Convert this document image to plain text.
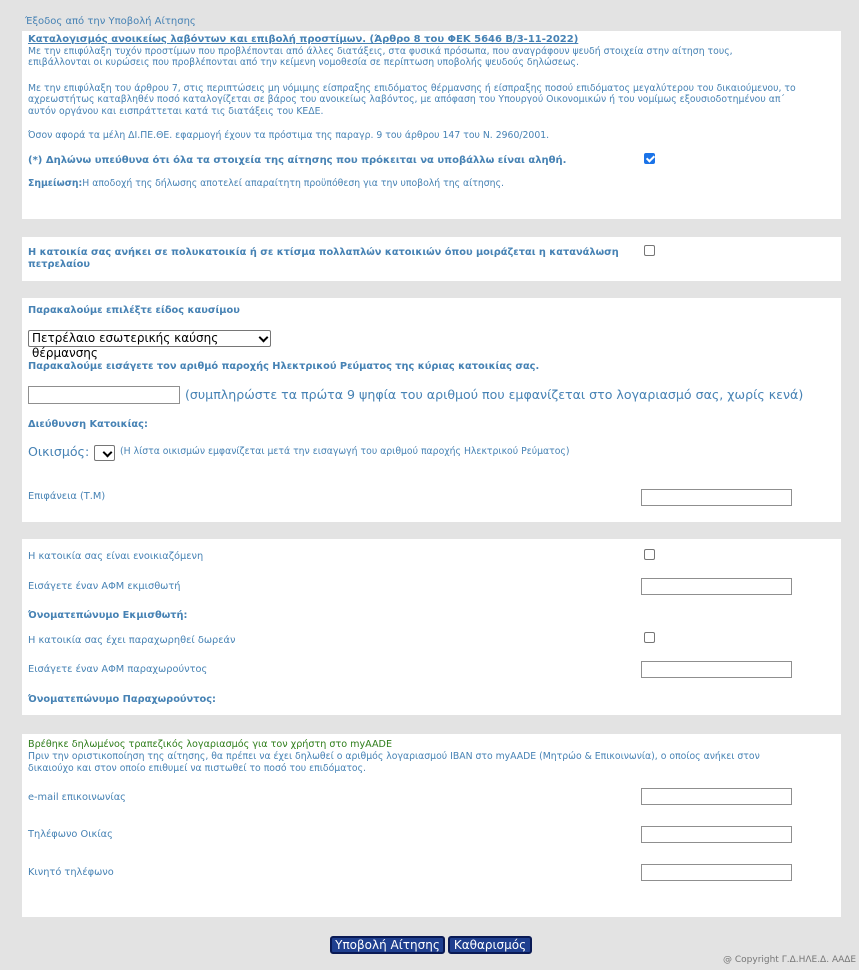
Έξοδος από την Υποβολή Αίτησης
Καταλογισμός ανοικείως λαβόντων και επιβολή προστίμων. (Άρθρο 8 του ΦΕΚ 5646 Β/3-11-2022)
Με την επιφύλαξη τυχόν προστίμων που προβλέπονται από άλλες διατάξεις, στα φυσικά πρόσωπα, που αναγράφουν ψευδή στοιχεία στην αίτηση τους,
επιβάλλονται οι κυρώσεις που προβλέπονται από την κείμενη νομοθεσία σε περίπτωση υποβολής ψευδούς δηλώσεως.
Με την επιφύλαξη του άρθρου 7, στις περιπτώσεις μη νόμιμης είσπραξης επιδόματος θέρμανσης ή είσπραξης ποσού επιδόματος μεγαλύτερου του δικαιούμενου, το
αχρεωστήτως καταβληθέν ποσό καταλογίζεται σε βάρος του ανοικείως λαβόντος, με απόφαση του Υπουργού Οικονομικών ή του νομίμως εξουσιοδοτημένου απ΄
αυτόν οργάνου και εισπράττεται κατά τις διατάξεις του ΚΕΔΕ.
Όσον αφορά τα μέλη ΔΙ.ΠΕ.ΘΕ. εφαρμογή έχουν τα πρόστιμα της παραγρ. 9 του άρθρου 147 του Ν. 2960/2001.
(*) Δηλώνω υπεύθυνα ότι όλα τα στοιχεία της αίτησης που πρόκειται να υποβάλλω είναι αληθή.
Σημείωση:Η αποδοχή της δήλωσης αποτελεί απαραίτητη προϋπόθεση για την υποβολή της αίτησης.
Η κατοικία σας ανήκει σε πολυκατοικία ή σε κτίσμα πολλαπλών κατοικιών όπου μοιράζεται η κατανάλωση
πετρελαίου
Παρακαλούμε επιλέξτε είδος καυσίμου
Πετρέλαιο εσωτερικής καύσης θέρμανσης
Παρακαλούμε εισάγετε τον αριθμό παροχής Ηλεκτρικού Ρεύματος της κύριας κατοικίας σας.
(συμπληρώστε τα πρώτα 9 ψηφία του αριθμού που εμφανίζεται στο λογαριασμό σας, χωρίς κενά)
Διεύθυνση Κατοικίας:
Οικισμός:	(Η λίστα οικισμών εμφανίζεται μετά την εισαγωγή του αριθμού παροχής Ηλεκτρικού Ρεύματος)
Επιφάνεια (Τ.Μ)
Η κατοικία σας είναι ενοικιαζόμενη
Εισάγετε έναν ΑΦΜ εκμισθωτή
Όνοματεπώνυμο Εκμισθωτή:
Η κατοικία σας έχει παραχωρηθεί δωρεάν
Εισάγετε έναν ΑΦΜ παραχωρούντος
Όνοματεπώνυμο Παραχωρούντος:
Βρέθηκε δηλωμένος τραπεζικός λογαριασμός για τον χρήστη στο myAADE
Πριν την οριστικοποίηση της αίτησης, θα πρέπει να έχει δηλωθεί ο αριθμός λογαριασμού IBAN στο myAADE (Μητρώο & Επικοινωνία), ο οποίος ανήκει στον
δικαιούχο και στον οποίο επιθυμεί να πιστωθεί το ποσό του επιδόματος.
e-mail επικοινωνίας
Τηλέφωνο Οικίας
Κινητό τηλέφωνο
Υποβολή Αίτησης	Καθαρισμός
@ Copyright Γ.Δ.ΗΛΕ.Δ. ΑΑΔΕ
